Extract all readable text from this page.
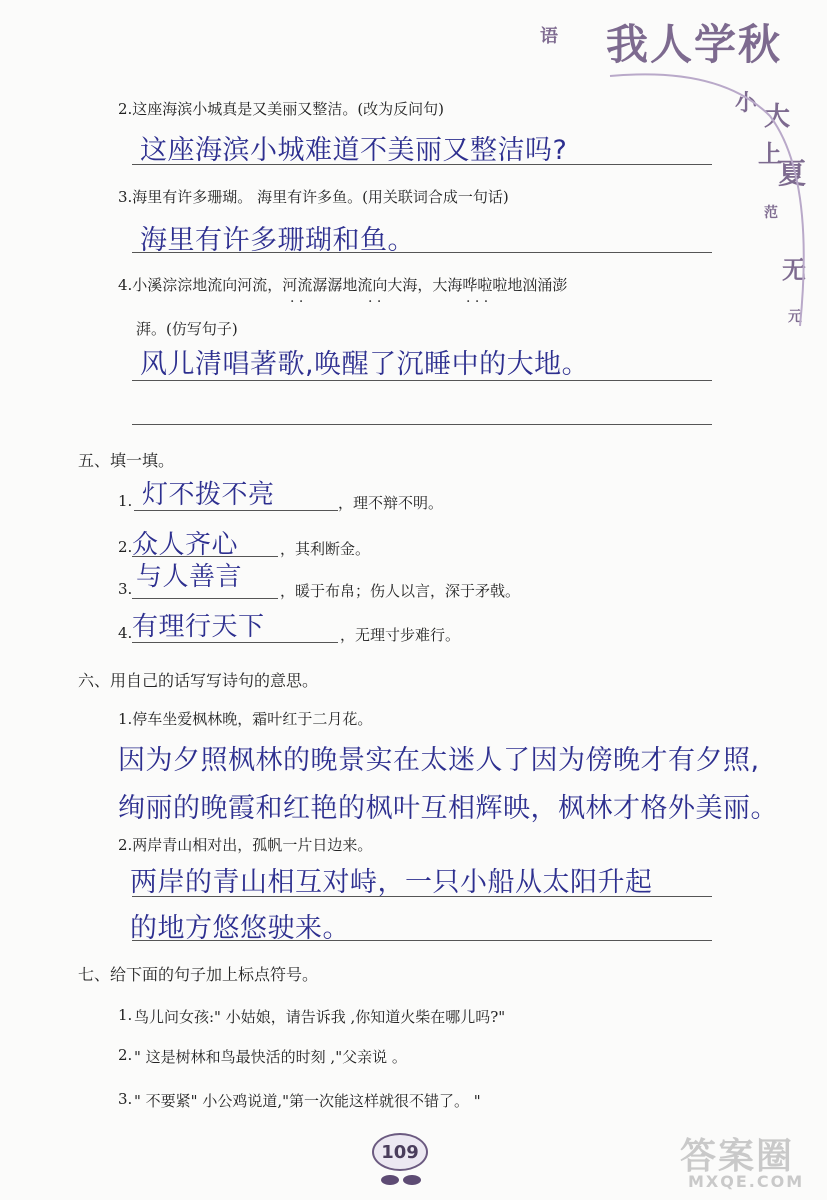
语 我人学秋
小 大
上
夏
范
无
元
2.这座海滨小城真是又美丽又整洁。(改为反问句)
这座海滨小城难道不美丽又整洁吗?
3.海里有许多珊瑚。 海里有许多鱼。(用关联词合成一句话)
海里有许多珊瑚和鱼。
4.小溪淙淙地流向河流，河流潺潺地流向大海，大海哗啦啦地汹涌澎
· ·	· ·	· · ·
湃。(仿写句子)
风儿清唱著歌,唤醒了沉睡中的大地。
五、填一填。
1. 灯不拨不亮	，理不辩不明。
2. 众人齐心	，其利断金。
3. 与人善言	，暖于布帛；伤人以言，深于矛戟。
4. 有理行天下	，无理寸步难行。
六、用自己的话写写诗句的意思。
1.停车坐爱枫林晚，霜叶红于二月花。
因为夕照枫林的晚景实在太迷人了因为傍晚才有夕照,
绚丽的晚霞和红艳的枫叶互相辉映，枫林才格外美丽。
2.两岸青山相对出，孤帆一片日边来。
两岸的青山相互对峙，一只小船从太阳升起
的地方悠悠驶来。
七、给下面的句子加上标点符号。
1. 鸟儿问女孩:" 小姑娘，请告诉我 ,你知道火柴在哪儿吗?"
2. " 这是树林和鸟最快活的时刻 ,"父亲说 。
3. " 不要紧" 小公鸡说道,"第一次能这样就很不错了。 "
109	答案圈
MXQE.COM
